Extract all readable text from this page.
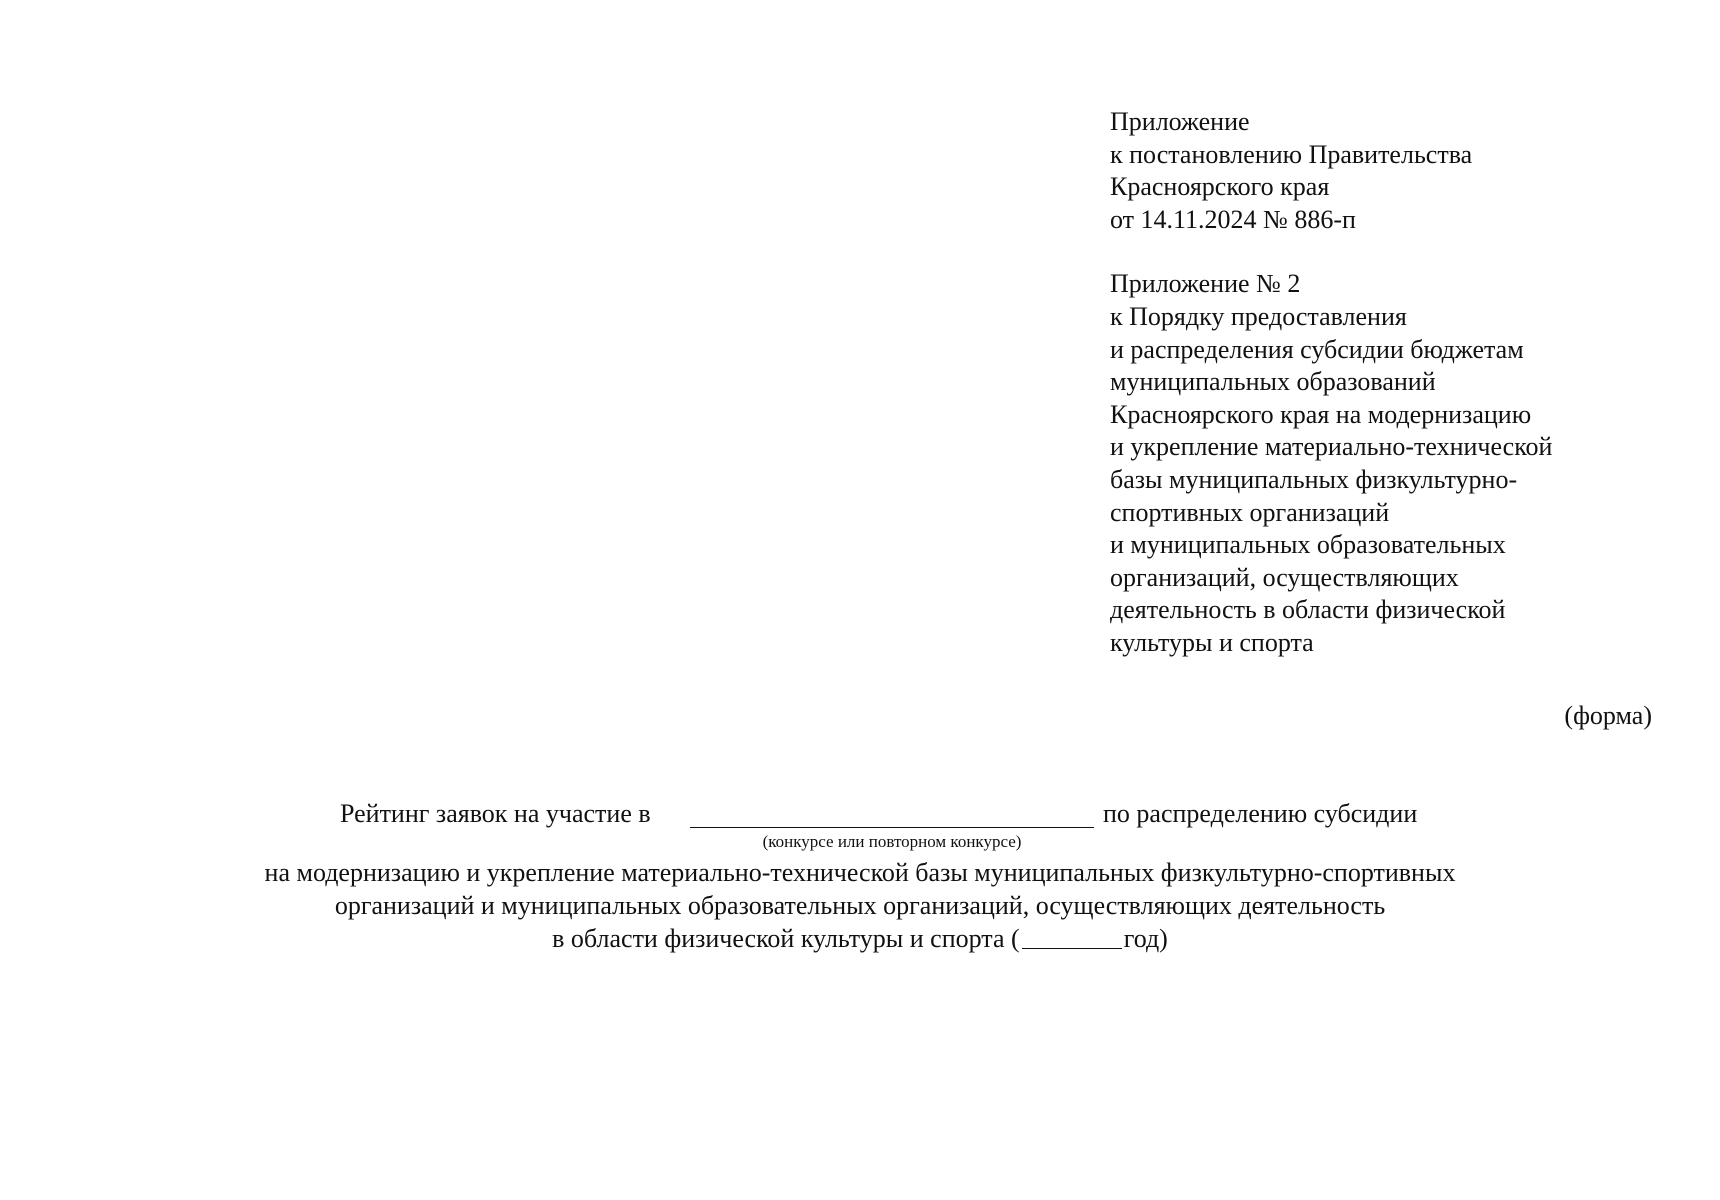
Приложение
к постановлению Правительства
Красноярского края
от 14.11.2024 № 886-п
Приложение № 2
к Порядку предоставления
и распределения субсидии бюджетам
муниципальных образований
Красноярского края на модернизацию
и укрепление материально-технической
базы муниципальных физкультурно-
спортивных организаций
и муниципальных образовательных
организаций, осуществляющих
деятельность в области физической
культуры и спорта
(форма)
Рейтинг заявок на участие в	по распределению субсидии
(конкурсе или повторном конкурсе)
на модернизацию и укрепление материально-технической базы муниципальных физкультурно-спортивных
организаций и муниципальных образовательных организаций, осуществляющих деятельность
в области физической культуры и спорта (	год)
